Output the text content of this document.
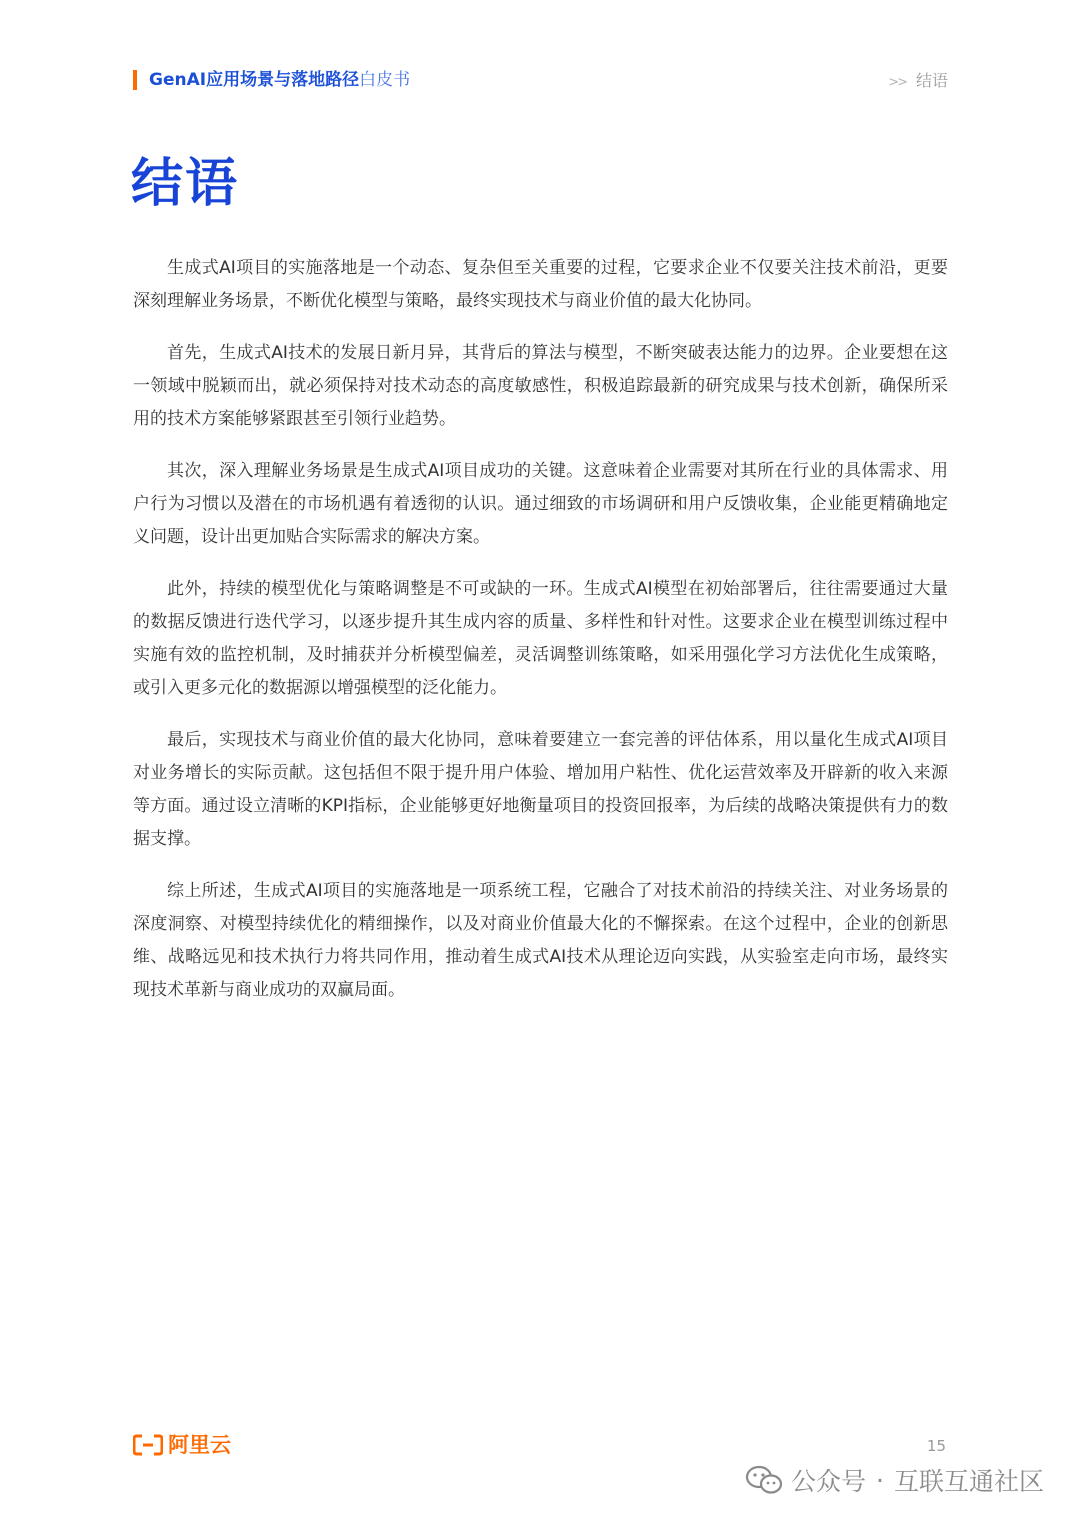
GenAI应用场景与落地路径白皮书	>> 结语
结语

生成式AI项目的实施落地是一个动态、复杂但至关重要的过程，它要求企业不仅要关注技术前沿，更要深刻理解业务场景，不断优化模型与策略，最终实现技术与商业价值的最大化协同。

首先，生成式AI技术的发展日新月异，其背后的算法与模型，不断突破表达能力的边界。企业要想在这一领域中脱颖而出，就必须保持对技术动态的高度敏感性，积极追踪最新的研究成果与技术创新，确保所采用的技术方案能够紧跟甚至引领行业趋势。

其次，深入理解业务场景是生成式AI项目成功的关键。这意味着企业需要对其所在行业的具体需求、用户行为习惯以及潜在的市场机遇有着透彻的认识。通过细致的市场调研和用户反馈收集，企业能更精确地定义问题，设计出更加贴合实际需求的解决方案。

此外，持续的模型优化与策略调整是不可或缺的一环。生成式AI模型在初始部署后，往往需要通过大量的数据反馈进行迭代学习，以逐步提升其生成内容的质量、多样性和针对性。这要求企业在模型训练过程中实施有效的监控机制，及时捕获并分析模型偏差，灵活调整训练策略，如采用强化学习方法优化生成策略，或引入更多元化的数据源以增强模型的泛化能力。

最后，实现技术与商业价值的最大化协同，意味着要建立一套完善的评估体系，用以量化生成式AI项目对业务增长的实际贡献。这包括但不限于提升用户体验、增加用户粘性、优化运营效率及开辟新的收入来源等方面。通过设立清晰的KPI指标，企业能够更好地衡量项目的投资回报率，为后续的战略决策提供有力的数据支撑。

综上所述，生成式AI项目的实施落地是一项系统工程，它融合了对技术前沿的持续关注、对业务场景的深度洞察、对模型持续优化的精细操作，以及对商业价值最大化的不懈探索。在这个过程中，企业的创新思维、战略远见和技术执行力将共同作用，推动着生成式AI技术从理论迈向实践，从实验室走向市场，最终实现技术革新与商业成功的双赢局面。

阿里云	15
公众号 · 互联互通社区
